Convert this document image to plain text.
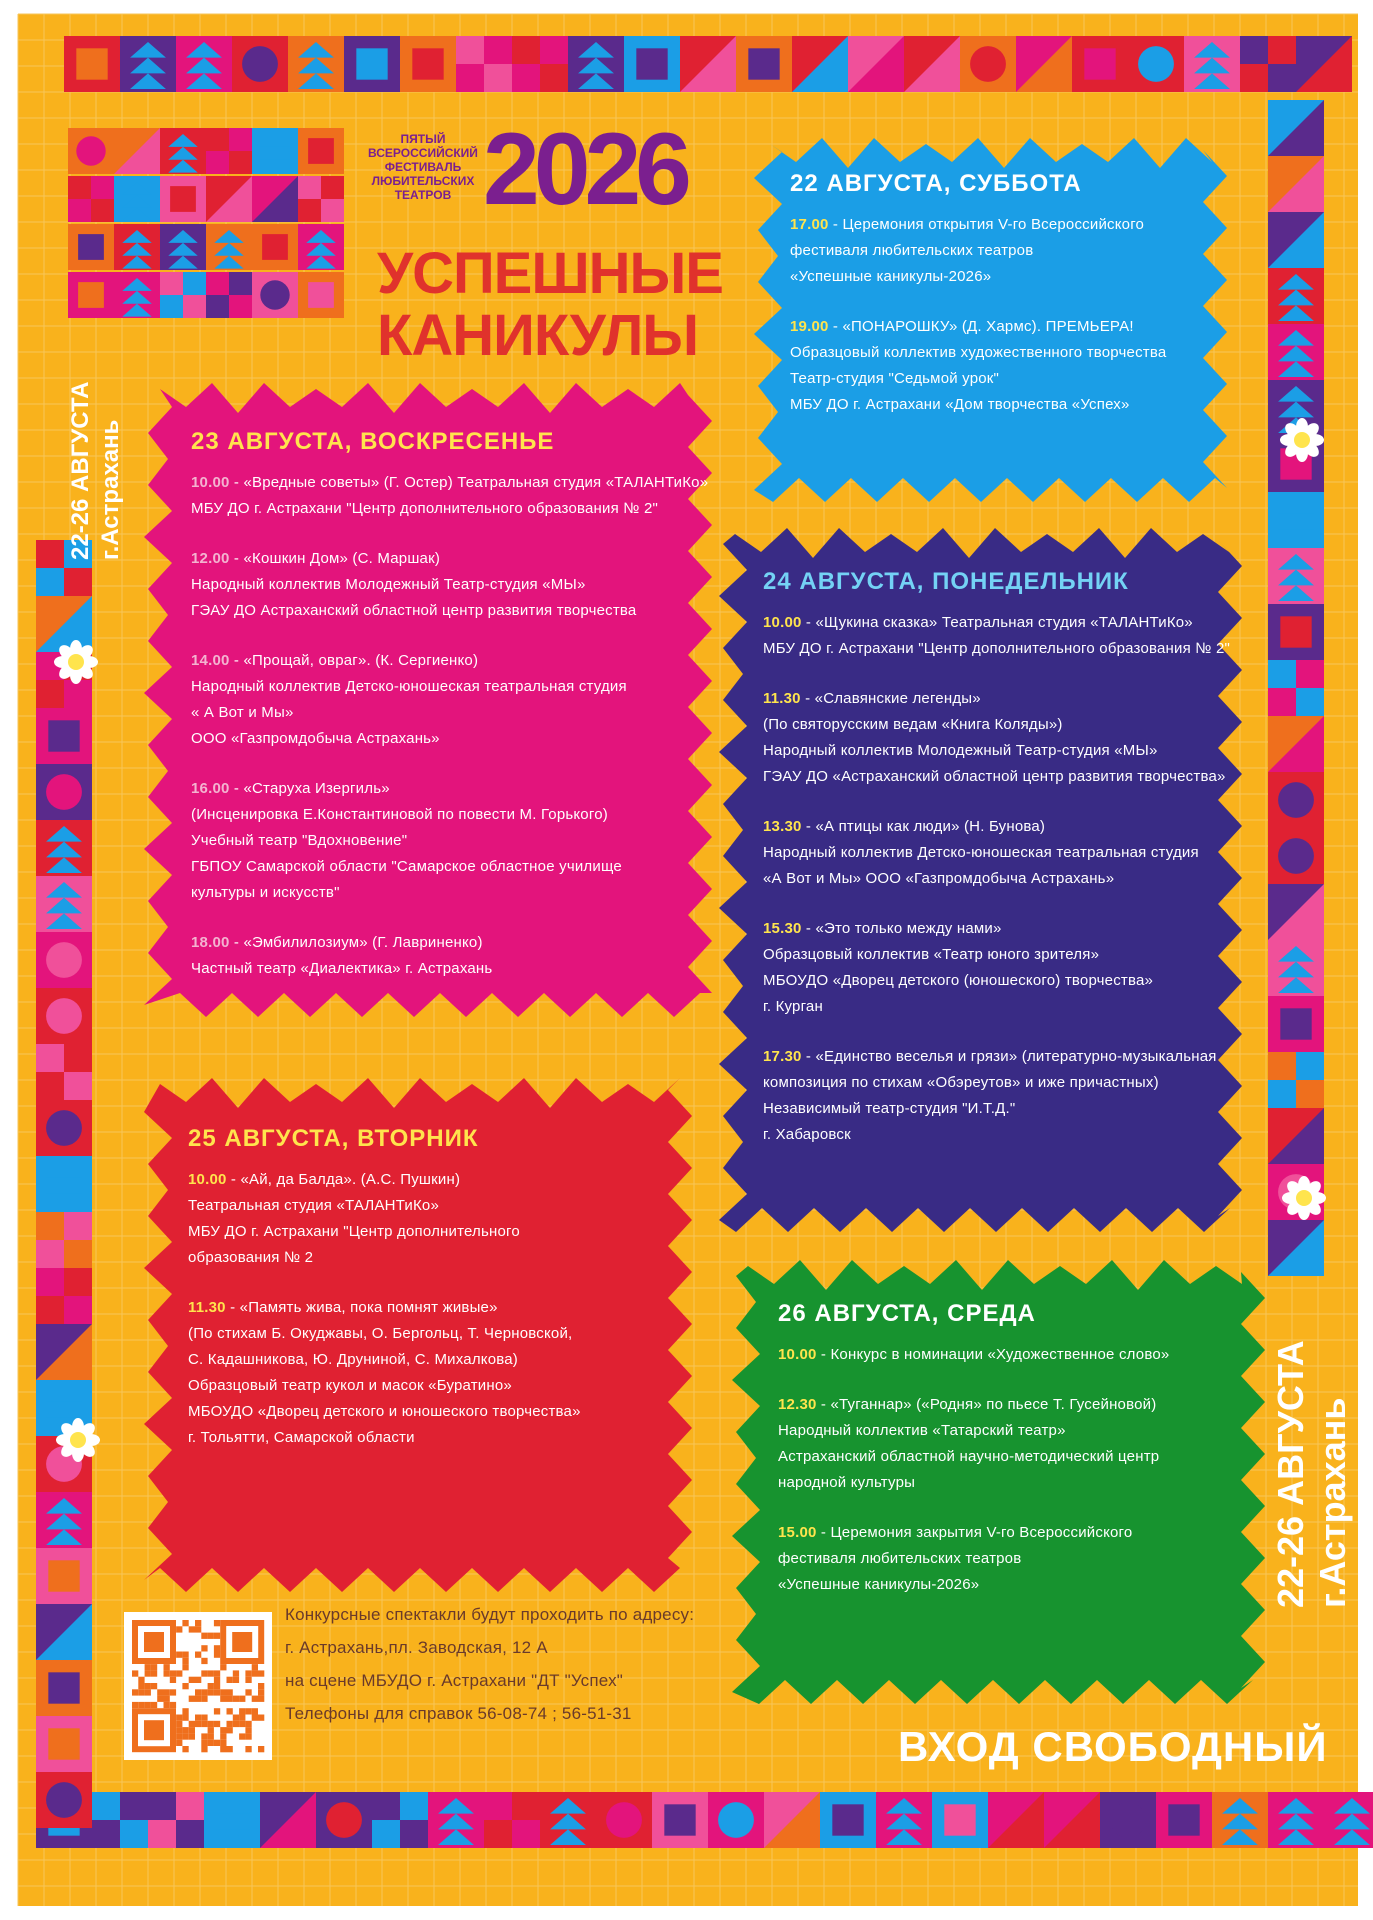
ПЯТЫЙ
ВСЕРОССИЙСКИЙ
ФЕСТИВАЛЬ
ЛЮБИТЕЛЬСКИХ
ТЕАТРОВ 2026
УСПЕШНЫЕ
КАНИКУЛЫ
22-26 АВГУСТА г.Астрахань
22-26 АВГУСТА г.Астрахань
22 АВГУСТА, СУББОТА
17.00 - Церемония открытия V-го Всероссийского
фестиваля любительских театров
«Успешные каникулы-2026»
19.00 - «ПОНАРОШКУ» (Д. Хармс). ПРЕМЬЕРА!
Образцовый коллектив художественного творчества
Театр-студия "Седьмой урок"
МБУ ДО г. Астрахани «Дом творчества «Успех»
23 АВГУСТА, ВОСКРЕСЕНЬЕ
10.00 - «Вредные советы» (Г. Остер) Театральная студия «ТАЛАНТиКо»
МБУ ДО г. Астрахани "Центр дополнительного образования № 2"
12.00 - «Кошкин Дом» (С. Маршак)
Народный коллектив Молодежный Театр-студия «МЫ»
ГЭАУ ДО Астраханский областной центр развития творчества
14.00 - «Прощай, овраг». (К. Сергиенко)
Народный коллектив Детско-юношеская театральная студия
« А Вот и Мы»
ООО «Газпромдобыча Астрахань»
16.00 - «Старуха Изергиль»
(Инсценировка Е.Константиновой по повести М. Горького)
Учебный театр "Вдохновение"
ГБПОУ Самарской области "Самарское областное училище
культуры и искусств"
18.00 - «Эмбилилозиум» (Г. Лавриненко)
Частный театр «Диалектика» г. Астрахань
24 АВГУСТА, ПОНЕДЕЛЬНИК
10.00 - «Щукина сказка» Театральная студия «ТАЛАНТиКо»
МБУ ДО г. Астрахани "Центр дополнительного образования № 2"
11.30 - «Славянские легенды»
(По святорусским ведам «Книга Коляды»)
Народный коллектив Молодежный Театр-студия «МЫ»
ГЭАУ ДО «Астраханский областной центр развития творчества»
13.30 - «А птицы как люди» (Н. Бунова)
Народный коллектив Детско-юношеская театральная студия
«А Вот и Мы» ООО «Газпромдобыча Астрахань»
15.30 - «Это только между нами»
Образцовый коллектив «Театр юного зрителя»
МБОУДО «Дворец детского (юношеского) творчества»
г. Курган
17.30 - «Единство веселья и грязи» (литературно-музыкальная
композиция по стихам «Обэреутов» и иже причастных)
Независимый театр-студия "И.Т.Д."
г. Хабаровск
25 АВГУСТА, ВТОРНИК
10.00 - «Ай, да Балда». (А.С. Пушкин)
Театральная студия «ТАЛАНТиКо»
МБУ ДО г. Астрахани "Центр дополнительного
образования № 2
11.30 - «Память жива, пока помнят живые»
(По стихам Б. Окуджавы, О. Бергольц, Т. Черновской,
С. Кадашникова, Ю. Друниной, С. Михалкова)
Образцовый театр кукол и масок «Буратино»
МБОУДО «Дворец детского и юношеского творчества»
г. Тольятти, Самарской области
26 АВГУСТА, СРЕДА
10.00 - Конкурс в номинации «Художественное слово»
12.30 - «Туганнар» («Родня» по пьесе Т. Гусейновой)
Народный коллектив «Татарский театр»
Астраханский областной научно-методический центр
народной культуры
15.00 - Церемония закрытия V-го Всероссийского
фестиваля любительских театров
«Успешные каникулы-2026»
Конкурсные спектакли будут проходить по адресу:
г. Астрахань,пл. Заводская, 12 А
на сцене МБУДО г. Астрахани "ДТ "Успех"
Телефоны для справок 56-08-74 ; 56-51-31
ВХОД СВОБОДНЫЙ
